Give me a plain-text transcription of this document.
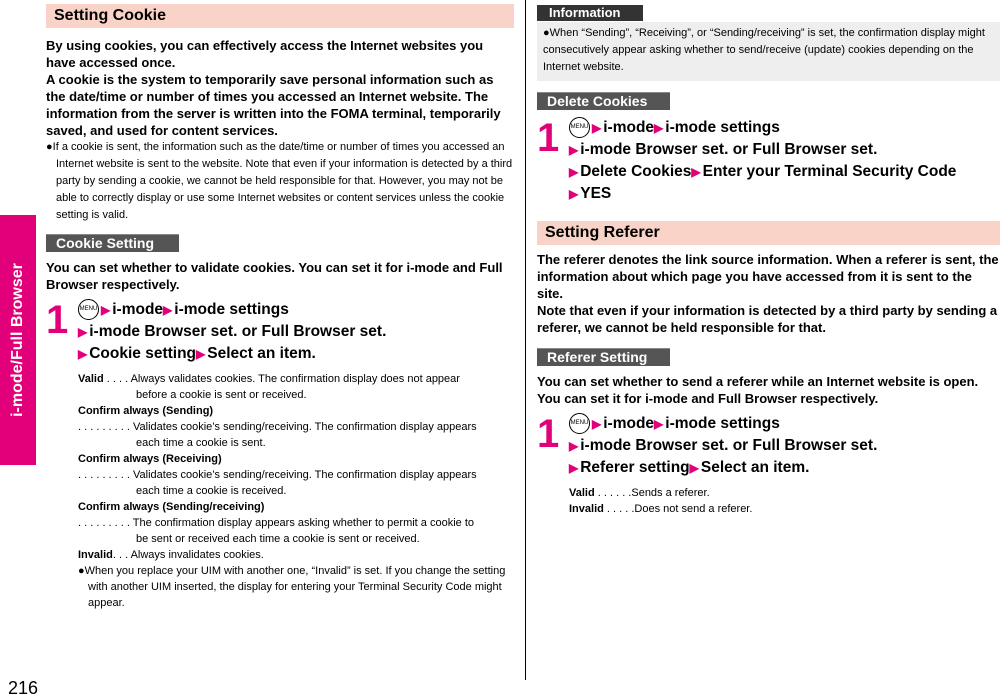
i-mode/Full Browser
216
Setting Cookie

By using cookies, you can effectively access the Internet websites you have accessed once.

A cookie is the system to temporarily save personal information such as the date/time or number of times you accessed an Internet website. The information from the server is written into the FOMA terminal, temporarily saved, and used for content services.

●If a cookie is sent, the information such as the date/time or number of times you accessed an Internet website is sent to the website. Note that even if your information is detected by a third party by sending a cookie, we cannot be held responsible for that. However, you may not be able to correctly display or use some Internet websites or content services unless the cookie setting is valid.

Cookie Setting

You can set whether to validate cookies. You can set it for i-mode and Full Browser respectively.

1 MENU ▶ i-mode▶ i-mode settings

▶ i-mode Browser set. or Full Browser set.

▶ Cookie setting▶ Select an item.

Valid . . . . Always validates cookies. The confirmation display does not appear
before a cookie is sent or received.
Confirm always (Sending)
. . . . . . . . . Validates cookie’s sending/receiving. The confirmation display appears
each time a cookie is sent.
Confirm always (Receiving)
. . . . . . . . . Validates cookie’s sending/receiving. The confirmation display appears
each time a cookie is received.
Confirm always (Sending/receiving)
. . . . . . . . . The confirmation display appears asking whether to permit a cookie to
be sent or received each time a cookie is sent or received.
Invalid. . . Always invalidates cookies.
●When you replace your UIM with another one, “Invalid” is set. If you change the setting with another UIM inserted, the display for entering your Terminal Security Code might appear.
Information
●When “Sending”, “Receiving”, or “Sending/receiving” is set, the confirmation display might consecutively appear asking whether to send/receive (update) cookies depending on the Internet website.
Delete Cookies
1 MENU ▶ i-mode▶ i-mode settings

▶ i-mode Browser set. or Full Browser set.

▶ Delete Cookies▶ Enter your Terminal Security Code

▶ YES

Setting Referer

The referer denotes the link source information. When a referer is sent, the information about which page you have accessed from it is sent to the site.

Note that even if your information is detected by a third party by sending a referer, we cannot be held responsible for that.

Referer Setting

You can set whether to send a referer while an Internet website is open. You can set it for i-mode and Full Browser respectively.

1 MENU ▶ i-mode▶ i-mode settings

▶ i-mode Browser set. or Full Browser set.

▶ Referer setting▶ Select an item.

Valid . . . . . .Sends a referer.
Invalid . . . . .Does not send a referer.
